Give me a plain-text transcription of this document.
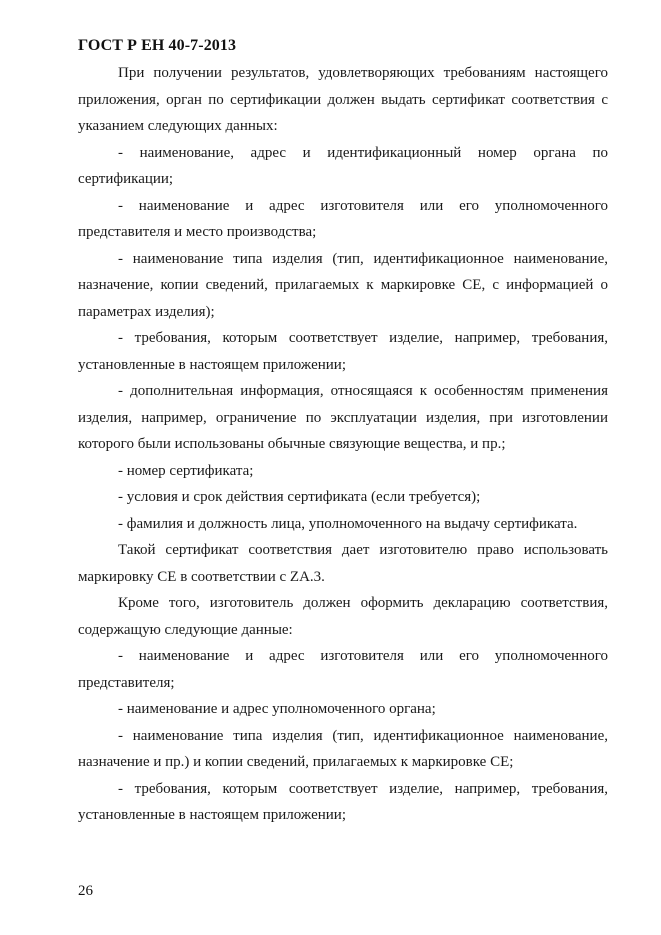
ГОСТ Р ЕН 40-7-2013

При получении результатов, удовлетворяющих требованиям настоящего приложения, орган по сертификации должен выдать сертификат соответствия с указанием следующих данных:

- наименование, адрес и идентификационный номер органа по сертификации;

- наименование и адрес изготовителя или его уполномоченного представителя и место производства;

- наименование типа изделия (тип, идентификационное наименование, назначение, копии сведений, прилагаемых к маркировке CE, с информацией о параметрах изделия);

- требования, которым соответствует изделие, например, требования, установленные в настоящем приложении;

- дополнительная информация, относящаяся к особенностям применения изделия, например, ограничение по эксплуатации изделия, при изготовлении которого были использованы обычные связующие вещества, и пр.;

- номер сертификата;

- условия и срок действия сертификата (если требуется);

- фамилия и должность лица, уполномоченного на выдачу сертификата.

Такой сертификат соответствия дает изготовителю право использовать маркировку CE в соответствии с ZA.3.

Кроме того, изготовитель должен оформить декларацию соответствия, содержащую следующие данные:

- наименование и адрес изготовителя или его уполномоченного представителя;

- наименование и адрес уполномоченного органа;

- наименование типа изделия (тип, идентификационное наименование, назначение и пр.) и копии сведений, прилагаемых к маркировке CE;

- требования, которым соответствует изделие, например, требования, установленные в настоящем приложении;

26
